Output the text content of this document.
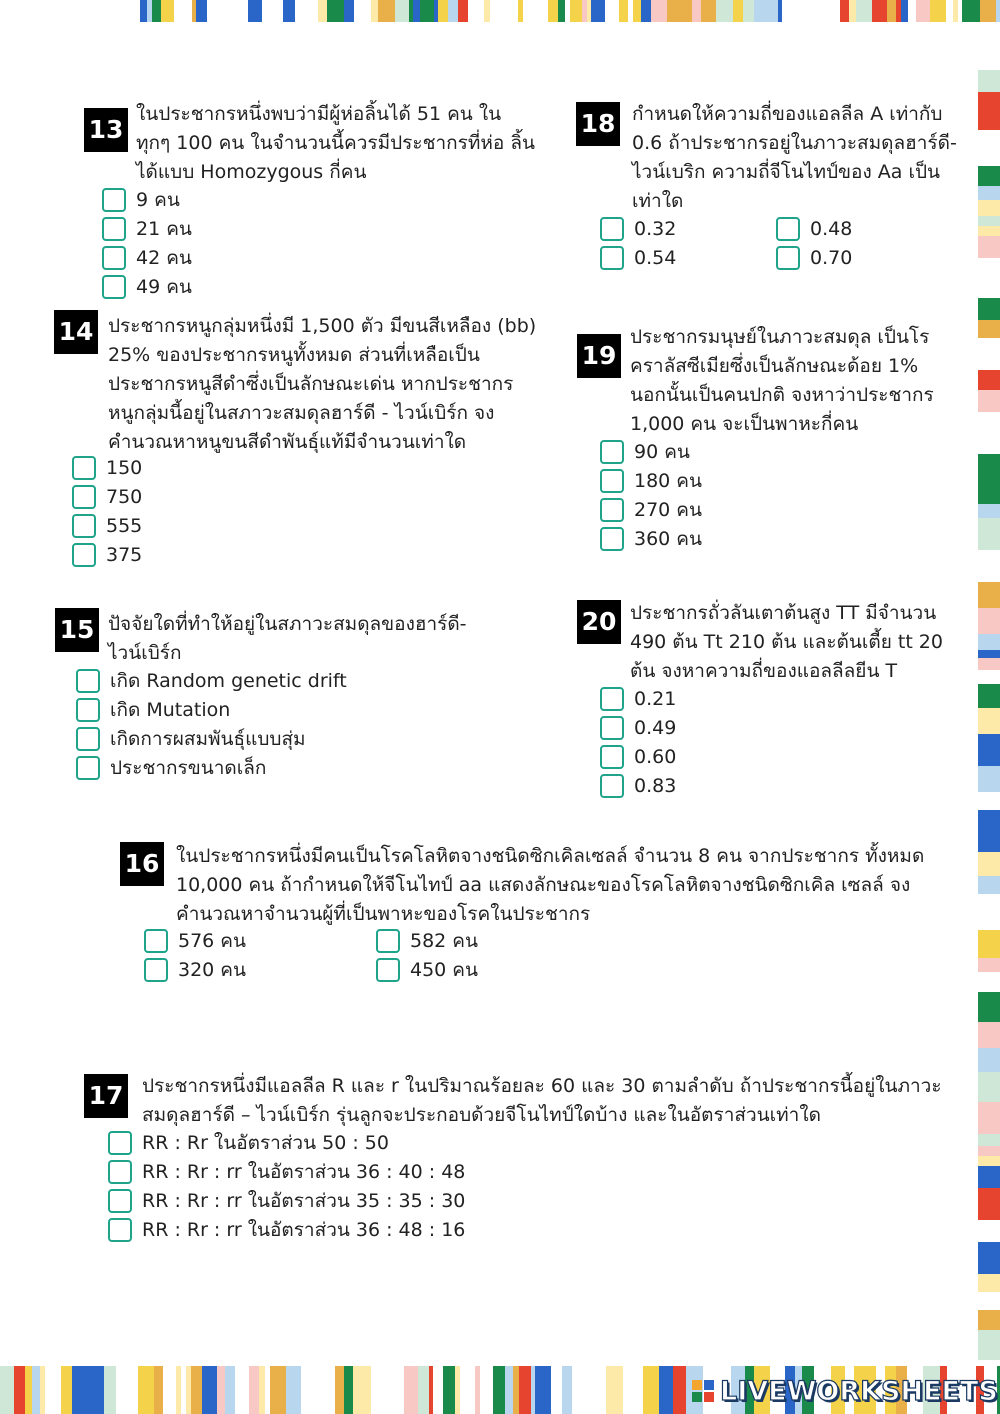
13

ในประชากรหนึ่งพบว่ามีผู้ห่อลิ้นได้ 51 คน ใน ทุกๆ 100 คน ในจำนวนนี้ควรมีประชากรที่ห่อ ลิ้นได้แบบ Homozygous กี่คน

9 คน
21 คน
42 คน
49 คน
14 ประชากรหนูกลุ่มหนึ่งมี 1,500 ตัว มีขนสีเหลือง (bb) 25% ของประชากรหนูทั้งหมด ส่วนที่เหลือเป็น ประชากรหนูสีดำซึ่งเป็นลักษณะเด่น หากประชากร หนูกลุ่มนี้อยู่ในสภาวะสมดุลฮาร์ดี - ไวน์เบิร์ก จง คำนวณหาหนูขนสีดำพันธุ์แท้มีจำนวนเท่าใด

150
750
555
375
15 ปัจจัยใดที่ทำให้อยู่ในสภาวะสมดุลของฮาร์ดี- ไวน์เบิร์ก

เกิด Random genetic drift
เกิด Mutation
เกิดการผสมพันธุ์แบบสุ่ม
ประชากรขนาดเล็ก
16 ในประชากรหนึ่งมีคนเป็นโรคโลหิตจางชนิดซิกเคิลเซลล์ จำนวน 8 คน จากประชากร ทั้งหมด 10,000 คน ถ้ากำหนดให้จีโนไทป์ aa แสดงลักษณะของโรคโลหิตจางชนิดซิกเคิล เซลล์ จงคำนวณหาจำนวนผู้ที่เป็นพาหะของโรคในประชากร

576 คน	582 คน
320 คน	450 คน
17 ประชากรหนึ่งมีแอลลีล R และ r ในปริมาณร้อยละ 60 และ 30 ตามลำดับ ถ้าประชากรนี้อยู่ในภาวะ สมดุลฮาร์ดี – ไวน์เบิร์ก รุ่นลูกจะประกอบด้วยจีโนไทป์ใดบ้าง และในอัตราส่วนเท่าใด

RR : Rr ในอัตราส่วน 50 : 50
RR : Rr : rr ในอัตราส่วน 36 : 40 : 48
RR : Rr : rr ในอัตราส่วน 35 : 35 : 30
RR : Rr : rr ในอัตราส่วน 36 : 48 : 16
18 กำหนดให้ความถี่ของแอลลีล A เท่ากับ 0.6 ถ้าประชากรอยู่ในภาวะสมดุลฮาร์ดี- ไวน์เบริก ความถี่จีโนไทป์ของ Aa เป็น เท่าใด

0.32	0.48
0.54	0.70
19

ประชากรมนุษย์ในภาวะสมดุล เป็นโร คราลัสซีเมียซึ่งเป็นลักษณะด้อย 1% นอกนั้นเป็นคนปกติ จงหาว่าประชากร 1,000 คน จะเป็นพาหะกี่คน

90 คน
180 คน
270 คน
360 คน
20 ประชากรถั่วลันเตาต้นสูง TT มีจำนวน 490 ต้น Tt 210 ต้น และต้นเตี้ย tt 20 ต้น จงหาความถี่ของแอลลีลยีน T

0.21
0.49
0.60
0.83
LIVEWORKSHEETS
